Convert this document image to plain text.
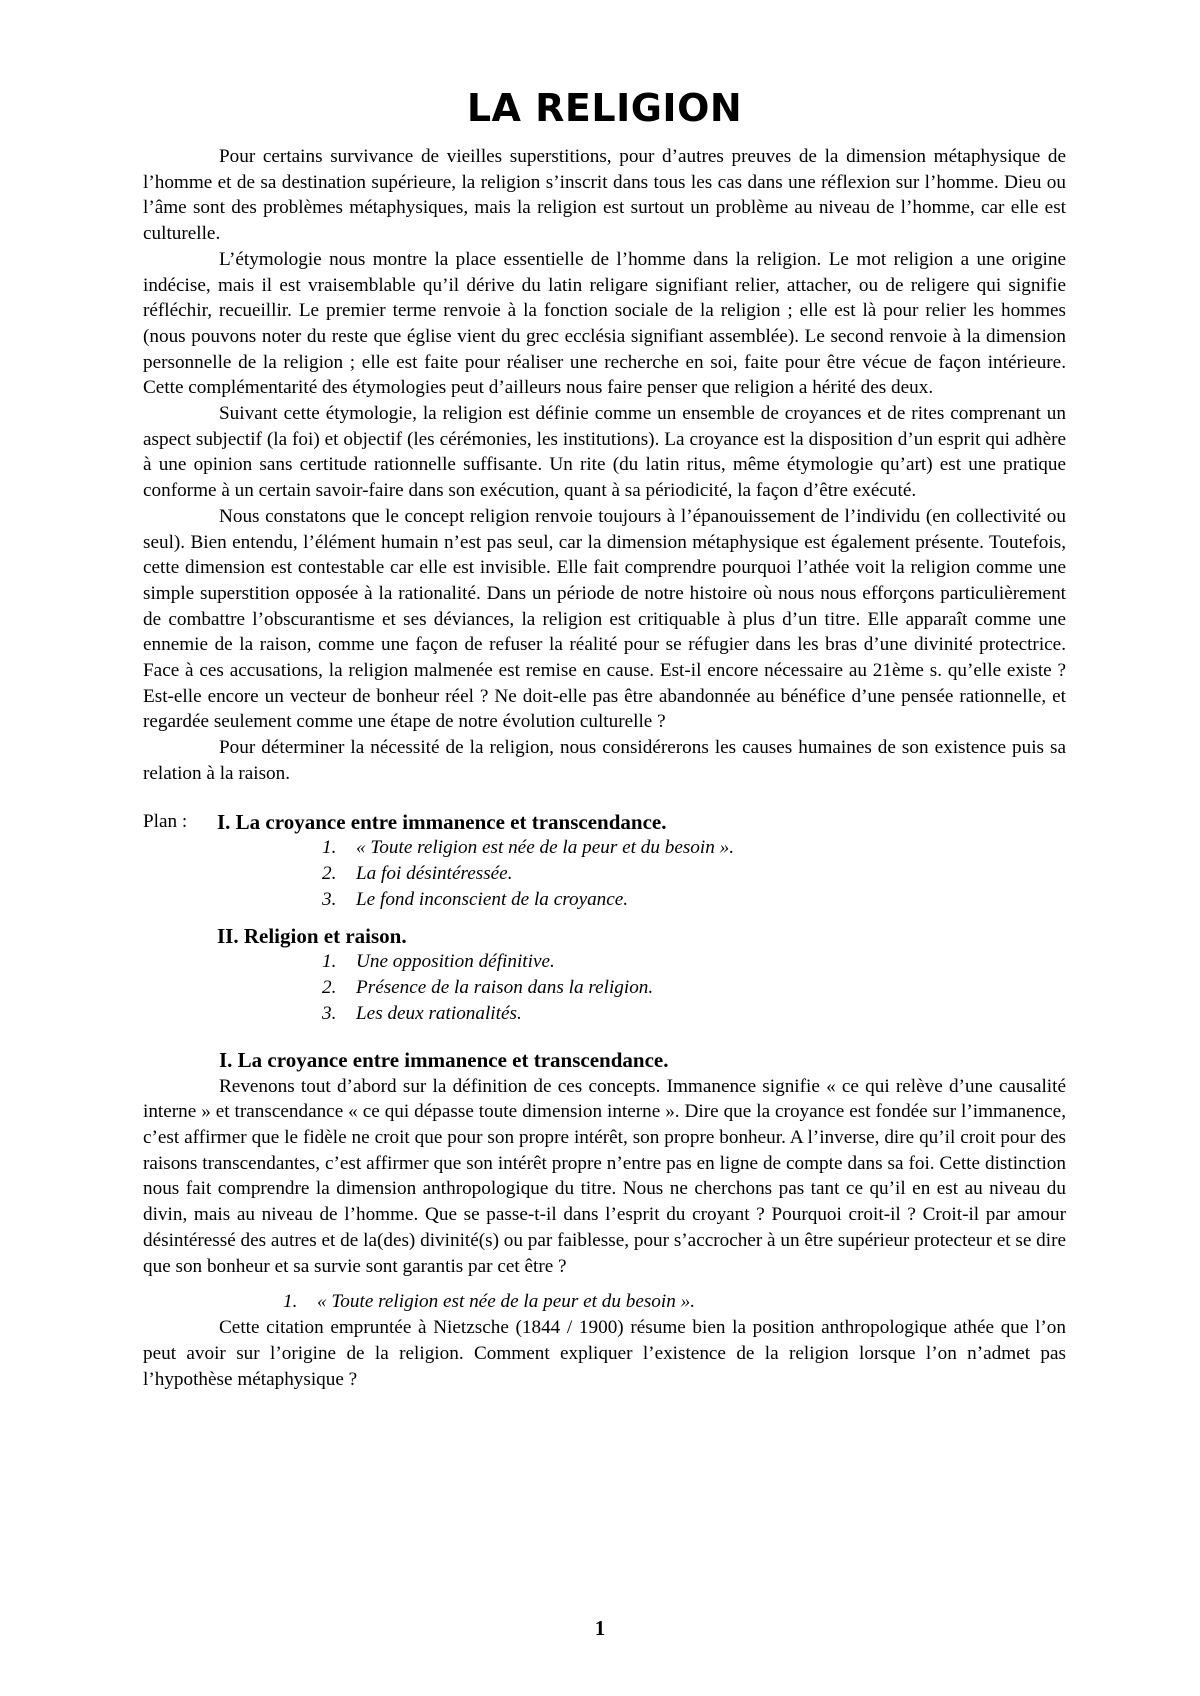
LA RELIGION

Pour certains survivance de vieilles superstitions, pour d’autres preuves de la dimension métaphysique de l’homme et de sa destination supérieure, la religion s’inscrit dans tous les cas dans une réflexion sur l’homme. Dieu ou l’âme sont des problèmes métaphysiques, mais la religion est surtout un problème au niveau de l’homme, car elle est culturelle.

L’étymologie nous montre la place essentielle de l’homme dans la religion. Le mot religion a une origine indécise, mais il est vraisemblable qu’il dérive du latin religare signifiant relier, attacher, ou de religere qui signifie réfléchir, recueillir. Le premier terme renvoie à la fonction sociale de la religion ; elle est là pour relier les hommes (nous pouvons noter du reste que église vient du grec ecclésia signifiant assemblée). Le second renvoie à la dimension personnelle de la religion ; elle est faite pour réaliser une recherche en soi, faite pour être vécue de façon intérieure. Cette complémentarité des étymologies peut d’ailleurs nous faire penser que religion a hérité des deux.

Suivant cette étymologie, la religion est définie comme un ensemble de croyances et de rites comprenant un aspect subjectif (la foi) et objectif (les cérémonies, les institutions). La croyance est la disposition d’un esprit qui adhère à une opinion sans certitude rationnelle suffisante. Un rite (du latin ritus, même étymologie qu’art) est une pratique conforme à un certain savoir-faire dans son exécution, quant à sa périodicité, la façon d’être exécuté.

Nous constatons que le concept religion renvoie toujours à l’épanouissement de l’individu (en collectivité ou seul). Bien entendu, l’élément humain n’est pas seul, car la dimension métaphysique est également présente. Toutefois, cette dimension est contestable car elle est invisible. Elle fait comprendre pourquoi l’athée voit la religion comme une simple superstition opposée à la rationalité. Dans un période de notre histoire où nous nous efforçons particulièrement de combattre l’obscurantisme et ses déviances, la religion est critiquable à plus d’un titre. Elle apparaît comme une ennemie de la raison, comme une façon de refuser la réalité pour se réfugier dans les bras d’une divinité protectrice. Face à ces accusations, la religion malmenée est remise en cause. Est-il encore nécessaire au 21ème s. qu’elle existe ? Est-elle encore un vecteur de bonheur réel ? Ne doit-elle pas être abandonnée au bénéfice d’une pensée rationnelle, et regardée seulement comme une étape de notre évolution culturelle ?

Pour déterminer la nécessité de la religion, nous considérerons les causes humaines de son existence puis sa relation à la raison.

Plan :	I. La croyance entre immanence et transcendance.
1. « Toute religion est née de la peur et du besoin ».
2. La foi désintéressée.
3. Le fond inconscient de la croyance.
II. Religion et raison.
1. Une opposition définitive.
2. Présence de la raison dans la religion.
3. Les deux rationalités.
I. La croyance entre immanence et transcendance.

Revenons tout d’abord sur la définition de ces concepts. Immanence signifie « ce qui relève d’une causalité interne » et transcendance « ce qui dépasse toute dimension interne ». Dire que la croyance est fondée sur l’immanence, c’est affirmer que le fidèle ne croit que pour son propre intérêt, son propre bonheur. A l’inverse, dire qu’il croit pour des raisons transcendantes, c’est affirmer que son intérêt propre n’entre pas en ligne de compte dans sa foi. Cette distinction nous fait comprendre la dimension anthropologique du titre. Nous ne cherchons pas tant ce qu’il en est au niveau du divin, mais au niveau de l’homme. Que se passe-t-il dans l’esprit du croyant ? Pourquoi croit-il ? Croit-il par amour désintéressé des autres et de la(des) divinité(s) ou par faiblesse, pour s’accrocher à un être supérieur protecteur et se dire que son bonheur et sa survie sont garantis par cet être ?

1. « Toute religion est née de la peur et du besoin ».

Cette citation empruntée à Nietzsche (1844 / 1900) résume bien la position anthropologique athée que l’on peut avoir sur l’origine de la religion. Comment expliquer l’existence de la religion lorsque l’on n’admet pas l’hypothèse métaphysique ?

1
